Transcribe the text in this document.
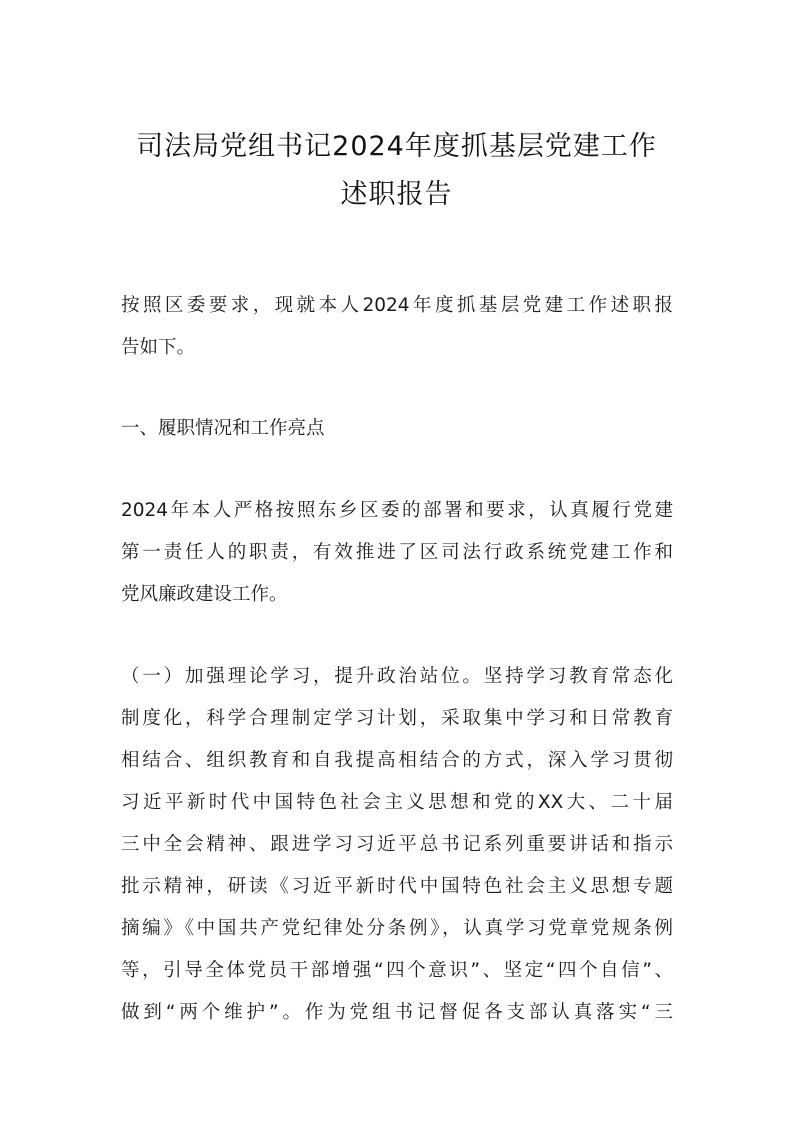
司法局党组书记2024年度抓基层党建工作
述职报告
按照区委要求，现就本人2024年度抓基层党建工作述职报
告如下。
一、履职情况和工作亮点
2024年本人严格按照东乡区委的部署和要求，认真履行党建
第一责任人的职责，有效推进了区司法行政系统党建工作和
党风廉政建设工作。
（一）加强理论学习，提升政治站位。坚持学习教育常态化
制度化，科学合理制定学习计划，采取集中学习和日常教育
相结合、组织教育和自我提高相结合的方式，深入学习贯彻
习近平新时代中国特色社会主义思想和党的XX大、二十届
三中全会精神、跟进学习习近平总书记系列重要讲话和指示
批示精神，研读《习近平新时代中国特色社会主义思想专题
摘编》《中国共产党纪律处分条例》，认真学习党章党规条例
等，引导全体党员干部增强“四个意识”、坚定“四个自信”、
做到“两个维护”。作为党组书记督促各支部认真落实“三
